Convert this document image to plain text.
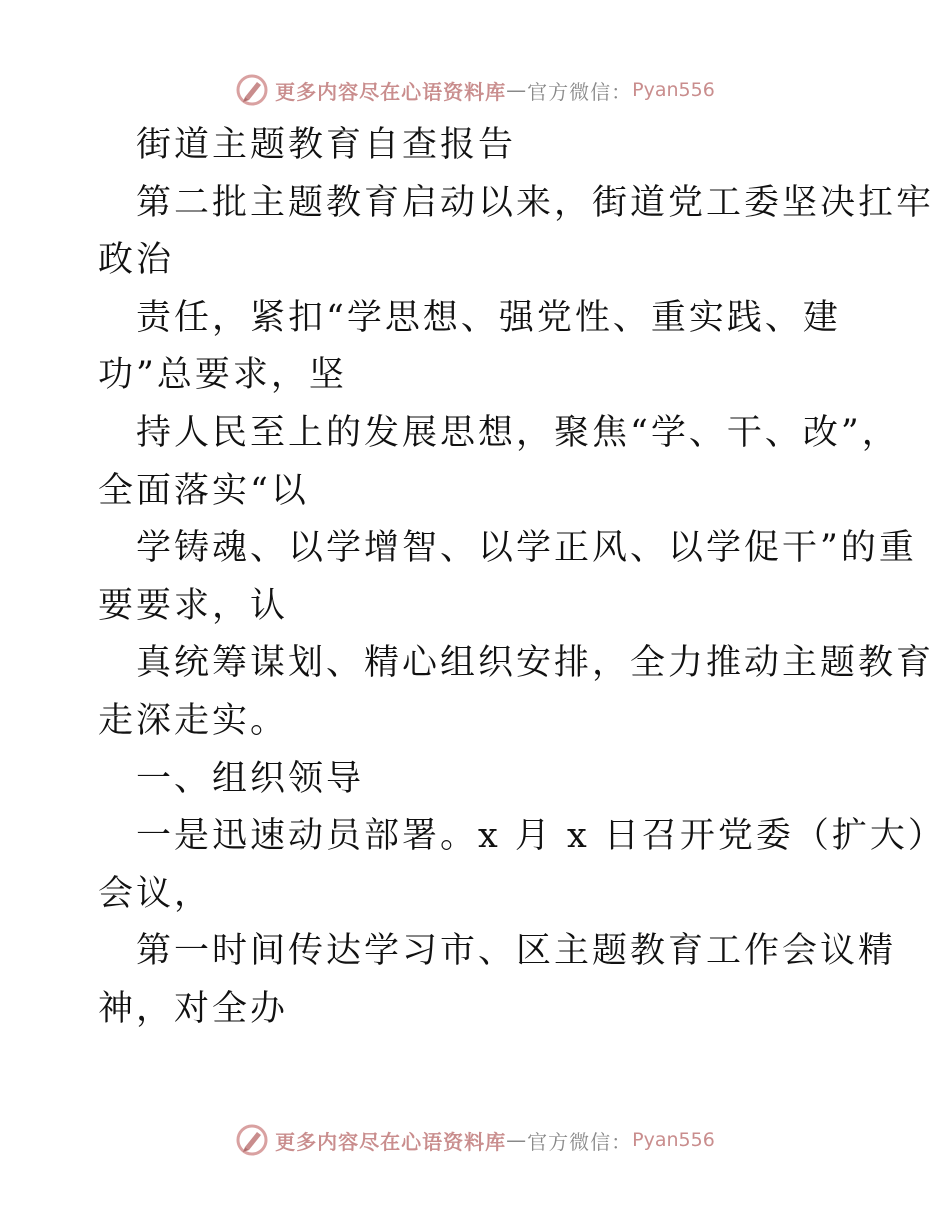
更多内容尽在心语资料库 — 官方微信： Pyan556
街道主题教育自查报告
第二批主题教育启动以来，街道党工委坚决扛牢
政治
责任，紧扣“学思想、强党性、重实践、建
功”总要求，坚
持人民至上的发展思想，聚焦“学、干、改”，
全面落实“以
学铸魂、以学增智、以学正风、以学促干”的重
要要求，认
真统筹谋划、精心组织安排，全力推动主题教育
走深走实。
一、组织领导
一是迅速动员部署。x 月 x 日召开党委（扩大）
会议，
第一时间传达学习市、区主题教育工作会议精
神，对全办
更多内容尽在心语资料库 — 官方微信： Pyan556
